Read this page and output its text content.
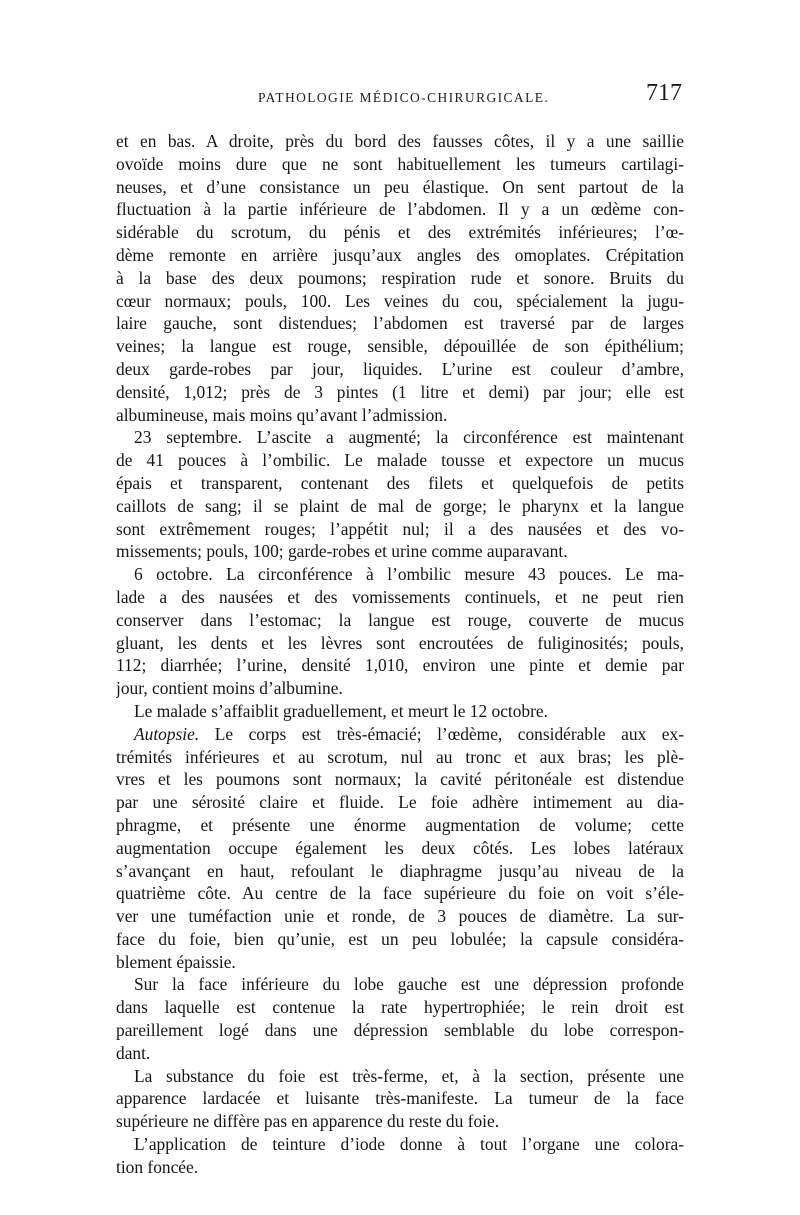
PATHOLOGIE MÉDICO-CHIRURGICALE.	717
et en bas. A droite, près du bord des fausses côtes, il y a une saillie
ovoïde moins dure que ne sont habituellement les tumeurs cartilagi-
neuses, et d’une consistance un peu élastique. On sent partout de la
fluctuation à la partie inférieure de l’abdomen. Il y a un œdème con-
sidérable du scrotum, du pénis et des extrémités inférieures; l’œ-
dème remonte en arrière jusqu’aux angles des omoplates. Crépitation
à la base des deux poumons; respiration rude et sonore. Bruits du
cœur normaux; pouls, 100. Les veines du cou, spécialement la jugu-
laire gauche, sont distendues; l’abdomen est traversé par de larges
veines; la langue est rouge, sensible, dépouillée de son épithélium;
deux garde-robes par jour, liquides. L’urine est couleur d’ambre,
densité, 1,012; près de 3 pintes (1 litre et demi) par jour; elle est
albumineuse, mais moins qu’avant l’admission.
23 septembre. L’ascite a augmenté; la circonférence est maintenant
de 41 pouces à l’ombilic. Le malade tousse et expectore un mucus
épais et transparent, contenant des filets et quelquefois de petits
caillots de sang; il se plaint de mal de gorge; le pharynx et la langue
sont extrêmement rouges; l’appétit nul; il a des nausées et des vo-
missements; pouls, 100; garde-robes et urine comme auparavant.
6 octobre. La circonférence à l’ombilic mesure 43 pouces. Le ma-
lade a des nausées et des vomissements continuels, et ne peut rien
conserver dans l’estomac; la langue est rouge, couverte de mucus
gluant, les dents et les lèvres sont encroutées de fuliginosités; pouls,
112; diarrhée; l’urine, densité 1,010, environ une pinte et demie par
jour, contient moins d’albumine.
Le malade s’affaiblit graduellement, et meurt le 12 octobre.
Autopsie. Le corps est très-émacié; l’œdème, considérable aux ex-
trémités inférieures et au scrotum, nul au tronc et aux bras; les plè-
vres et les poumons sont normaux; la cavité péritonéale est distendue
par une sérosité claire et fluide. Le foie adhère intimement au dia-
phragme, et présente une énorme augmentation de volume; cette
augmentation occupe également les deux côtés. Les lobes latéraux
s’avançant en haut, refoulant le diaphragme jusqu’au niveau de la
quatrième côte. Au centre de la face supérieure du foie on voit s’éle-
ver une tuméfaction unie et ronde, de 3 pouces de diamètre. La sur-
face du foie, bien qu’unie, est un peu lobulée; la capsule considéra-
blement épaissie.
Sur la face inférieure du lobe gauche est une dépression profonde
dans laquelle est contenue la rate hypertrophiée; le rein droit est
pareillement logé dans une dépression semblable du lobe correspon-
dant.
La substance du foie est très-ferme, et, à la section, présente une
apparence lardacée et luisante très-manifeste. La tumeur de la face
supérieure ne diffère pas en apparence du reste du foie.
L’application de teinture d’iode donne à tout l’organe une colora-
tion foncée.
